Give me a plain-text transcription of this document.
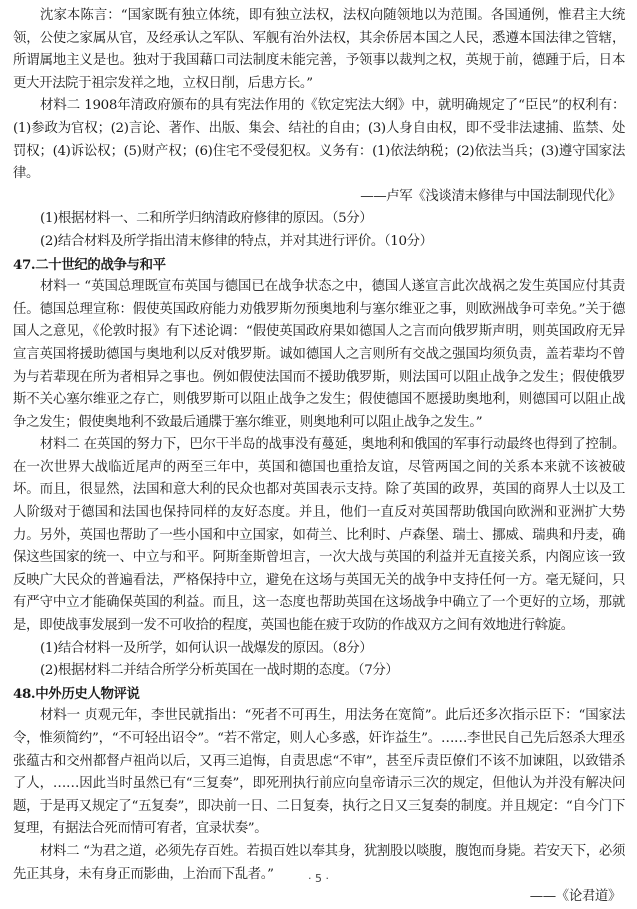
沈家本陈言：“国家既有独立体统，即有独立法权，法权向随领地以为范围。各国通例，惟君主大统领，公使之家属从官，及经承认之军队、军舰有治外法权，其余侨居本国之人民，悉遵本国法律之管辖，所谓属地主义是也。独对于我国藉口司法制度未能完善，予领事以裁判之权，英规于前，德踵于后，日本更大开法院于祖宗发祥之地，立权日削，后患方长。”

材料二 1908年清政府颁布的具有宪法作用的《钦定宪法大纲》中，就明确规定了“臣民”的权利有：(1)参政为官权；(2)言论、著作、出版、集会、结社的自由；(3)人身自由权，即不受非法逮捕、监禁、处罚权；(4)诉讼权；(5)财产权；(6)住宅不受侵犯权。义务有：(1)依法纳税；(2)依法当兵；(3)遵守国家法律。

——卢军《浅谈清末修律与中国法制现代化》

(1)根据材料一、二和所学归纳清政府修律的原因。（5分）

(2)结合材料及所学指出清末修律的特点，并对其进行评价。（10分）

47.二十世纪的战争与和平

材料一 “英国总理既宣布英国与德国已在战争状态之中，德国人遂宣言此次战祸之发生英国应付其责任。德国总理宣称：假使英国政府能力劝俄罗斯勿预奥地利与塞尔维亚之事，则欧洲战争可幸免。”关于德国人之意见，《伦敦时报》有下述论调：“假使英国政府果如德国人之言而向俄罗斯声明，则英国政府无异宣言英国将援助德国与奥地利以反对俄罗斯。诚如德国人之言则所有交战之强国均须负责，盖若辈均不曾为与若辈现在所为者相异之事也。例如假使法国而不援助俄罗斯，则法国可以阻止战争之发生；假使俄罗斯不关心塞尔维亚之存亡，则俄罗斯可以阻止战争之发生；假使德国不愿援助奥地利，则德国可以阻止战争之发生；假使奥地利不致最后通牒于塞尔维亚，则奥地利可以阻止战争之发生。”

材料二 在英国的努力下，巴尔干半岛的战事没有蔓延，奥地利和俄国的军事行动最终也得到了控制。在一次世界大战临近尾声的两至三年中，英国和德国也重拾友谊，尽管两国之间的关系本来就不该被破坏。而且，很显然，法国和意大利的民众也都对英国表示支持。除了英国的政界，英国的商界人士以及工人阶级对于德国和法国也保持同样的友好态度。并且，他们一直反对英国帮助俄国向欧洲和亚洲扩大势力。另外，英国也帮助了一些小国和中立国家，如荷兰、比利时、卢森堡、瑞士、挪威、瑞典和丹麦，确保这些国家的统一、中立与和平。阿斯奎斯曾坦言，一次大战与英国的利益并无直接关系，内阁应该一致反映广大民众的普遍看法，严格保持中立，避免在这场与英国无关的战争中支持任何一方。毫无疑问，只有严守中立才能确保英国的利益。而且，这一态度也帮助英国在这场战争中确立了一个更好的立场，那就是，即使战事发展到一发不可收拾的程度，英国也能在疲于攻防的作战双方之间有效地进行斡旋。

(1)结合材料一及所学，如何认识一战爆发的原因。（8分）

(2)根据材料二并结合所学分析英国在一战时期的态度。（7分）

48.中外历史人物评说

材料一 贞观元年，李世民就指出：“死者不可再生，用法务在宽简”。此后还多次指示臣下：“国家法令，惟须简约”，“不可轻出诏令”。“若不常定，则人心多惑，奸诈益生”。……李世民自己先后怒杀大理丞张蕴古和交州都督卢祖尚以后，又再三追悔，自责思虑“不审”，甚至斥责臣僚们不该不加谏阻，以致错杀了人，……因此当时虽然已有“三复奏”，即死刑执行前应向皇帝请示三次的规定，但他认为并没有解决问题，于是再又规定了“五复奏”，即决前一日、二日复奏，执行之日又三复奏的制度。并且规定：“自今门下复理，有据法合死而情可宥者，宜录状奏”。

材料二 “为君之道，必须先存百姓。若损百姓以奉其身，犹割股以啖腹，腹饱而身毙。若安天下，必须先正其身，未有身正而影曲，上治而下乱者。”

——《论君道》

· 5 ·
